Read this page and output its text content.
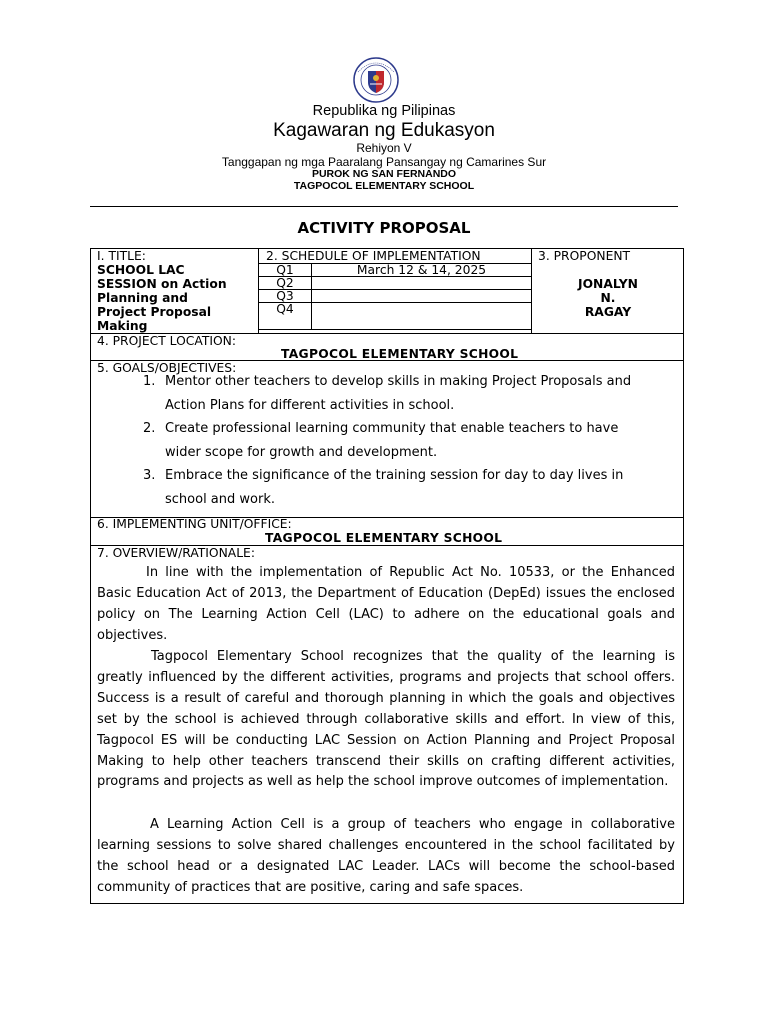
Republika ng Pilipinas
Kagawaran ng Edukasyon
Rehiyon V
Tanggapan ng mga Paaralang Pansangay ng Camarines Sur
PUROK NG SAN FERNANDO
TAGPOCOL ELEMENTARY SCHOOL
ACTIVITY PROPOSAL
I. TITLE:
SCHOOL LAC
SESSION on Action
Planning and
Project Proposal
Making
2. SCHEDULE OF IMPLEMENTATION
Q1	March 12 & 14, 2025
Q2	
Q3	
Q4	
3. PROPONENT
JONALYN
N.
RAGAY
4. PROJECT LOCATION:
TAGPOCOL ELEMENTARY SCHOOL
5. GOALS/OBJECTIVES:
1. Mentor other teachers to develop skills in making Project Proposals and
Action Plans for different activities in school.
2. Create professional learning community that enable teachers to have
wider scope for growth and development.
3. Embrace the significance of the training session for day to day lives in
school and work.
6. IMPLEMENTING UNIT/OFFICE:
TAGPOCOL ELEMENTARY SCHOOL
7. OVERVIEW/RATIONALE:
In line with the implementation of Republic Act No. 10533, or the Enhanced Basic Education Act of 2013, the Department of Education (DepEd) issues the enclosed policy on The Learning Action Cell (LAC) to adhere on the educational goals and objectives.
Tagpocol Elementary School recognizes that the quality of the learning is greatly influenced by the different activities, programs and projects that school offers. Success is a result of careful and thorough planning in which the goals and objectives set by the school is achieved through collaborative skills and effort. In view of this,                    Tagpocol ES will be conducting LAC Session on Action Planning and Project Proposal Making to help other teachers transcend their skills on crafting different activities, programs and projects as well as help the school improve outcomes of implementation.
A Learning Action Cell is a group of teachers who engage in collaborative learning sessions to solve shared challenges encountered in the school facilitated by the school head or a designated LAC Leader. LACs will become the school-based community of practices that are positive, caring and safe spaces.
